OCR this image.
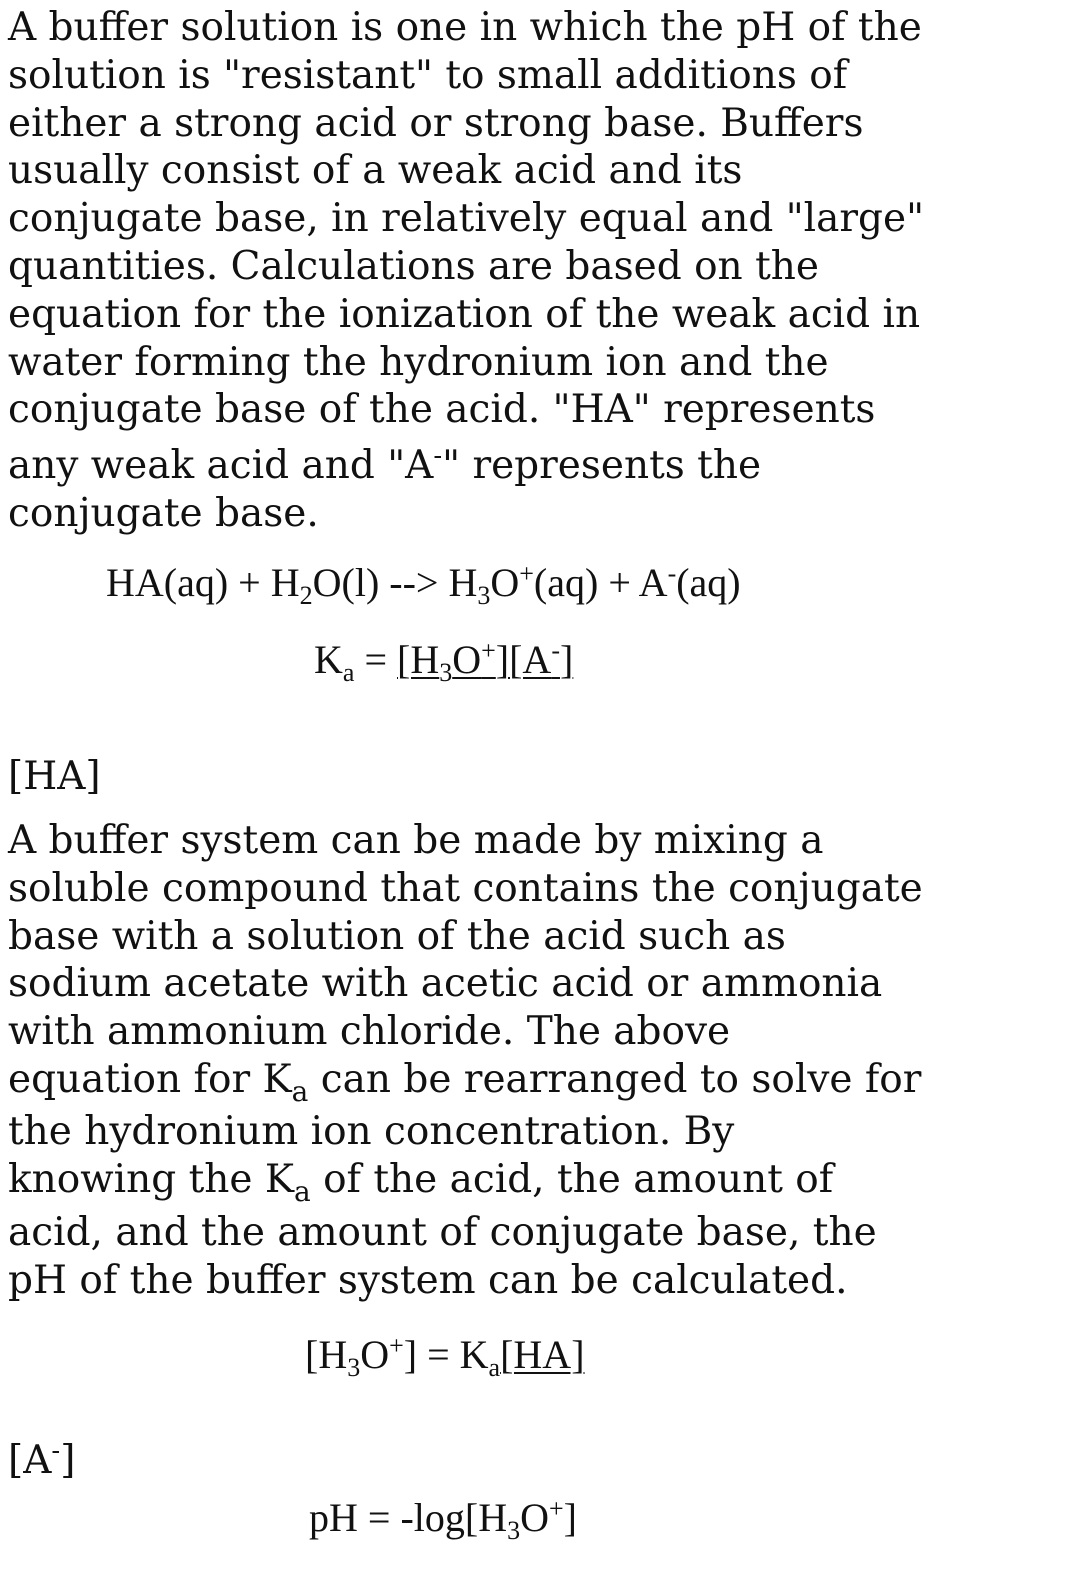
A buffer solution is one in which the pH of the
solution is "resistant" to small additions of
either a strong acid or strong base. Buffers
usually consist of a weak acid and its
conjugate base, in relatively equal and "large"
quantities. Calculations are based on the
equation for the ionization of the weak acid in
water forming the hydronium ion and the
conjugate base of the acid. "HA" represents
any weak acid and "A-" represents the
conjugate base.
$HA(aq) + H_2O(l)$ --> $H_3O^+(aq) + A^-(aq)$
$K_a = [H_3O^+][A^-]$
[HA]
A buffer system can be made by mixing a
soluble compound that contains the conjugate
base with a solution of the acid such as
sodium acetate with acetic acid or ammonia
with ammonium chloride. The above
equation for $K_a$ can be rearranged to solve for
the hydronium ion concentration. By
knowing the $K_a$ of the acid, the amount of
acid, and the amount of conjugate base, the
pH of the buffer system can be calculated.
$[H_3O^+] = K_a[HA]$
[A-]
pH = $-\log[H_3O^+]$
